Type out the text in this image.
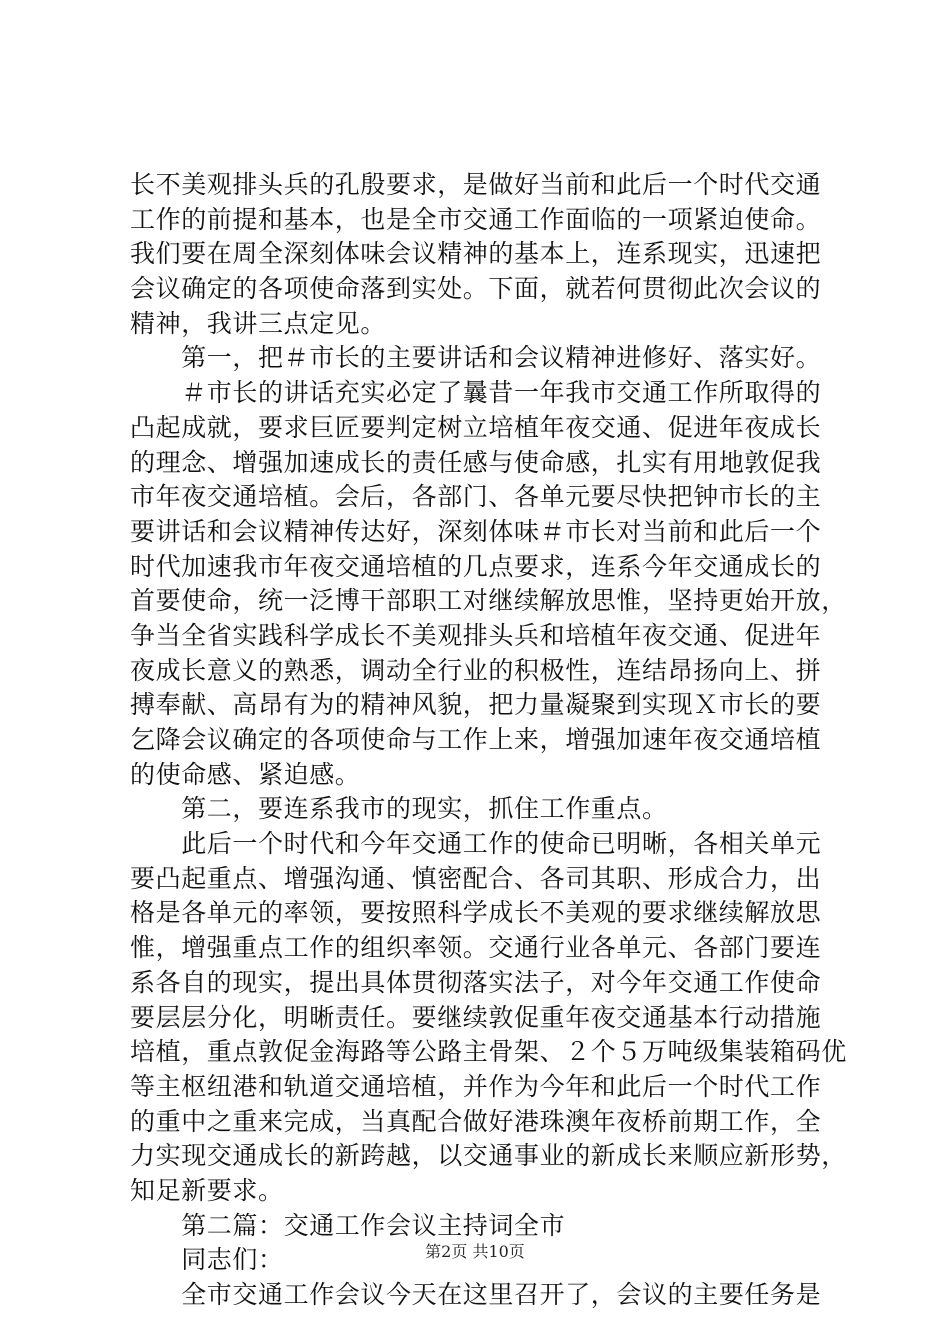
长不美观排头兵的孔殷要求，是做好当前和此后一个时代交通
工作的前提和基本，也是全市交通工作面临的一项紧迫使命。
我们要在周全深刻体味会议精神的基本上，连系现实，迅速把
会议确定的各项使命落到实处。下面，就若何贯彻此次会议的
精神，我讲三点定见。
　　第一，把＃市长的主要讲话和会议精神进修好、落实好。
　　＃市长的讲话充实必定了曩昔一年我市交通工作所取得的
凸起成就，要求巨匠要判定树立培植年夜交通、促进年夜成长
的理念、增强加速成长的责任感与使命感，扎实有用地敦促我
市年夜交通培植。会后，各部门、各单元要尽快把钟市长的主
要讲话和会议精神传达好，深刻体味＃市长对当前和此后一个
时代加速我市年夜交通培植的几点要求，连系今年交通成长的
首要使命，统一泛博干部职工对继续解放思惟，坚持更始开放，
争当全省实践科学成长不美观排头兵和培植年夜交通、促进年
夜成长意义的熟悉，调动全行业的积极性，连结昂扬向上、拼
搏奉献、高昂有为的精神风貌，把力量凝聚到实现Ｘ市长的要
乞降会议确定的各项使命与工作上来，增强加速年夜交通培植
的使命感、紧迫感。
　　第二，要连系我市的现实，抓住工作重点。
　　此后一个时代和今年交通工作的使命已明晰，各相关单元
要凸起重点、增强沟通、慎密配合、各司其职、形成合力，出
格是各单元的率领，要按照科学成长不美观的要求继续解放思
惟，增强重点工作的组织率领。交通行业各单元、各部门要连
系各自的现实，提出具体贯彻落实法子，对今年交通工作使命
要层层分化，明晰责任。要继续敦促重年夜交通基本行动措施
培植，重点敦促金海路等公路主骨架、２个５万吨级集装箱码优
等主枢纽港和轨道交通培植，并作为今年和此后一个时代工作
的重中之重来完成，当真配合做好港珠澳年夜桥前期工作，全
力实现交通成长的新跨越，以交通事业的新成长来顺应新形势，
知足新要求。
　　第二篇：交通工作会议主持词全市
　　同志们：
　　全市交通工作会议今天在这里召开了，会议的主要任务是
第2页 共10页
